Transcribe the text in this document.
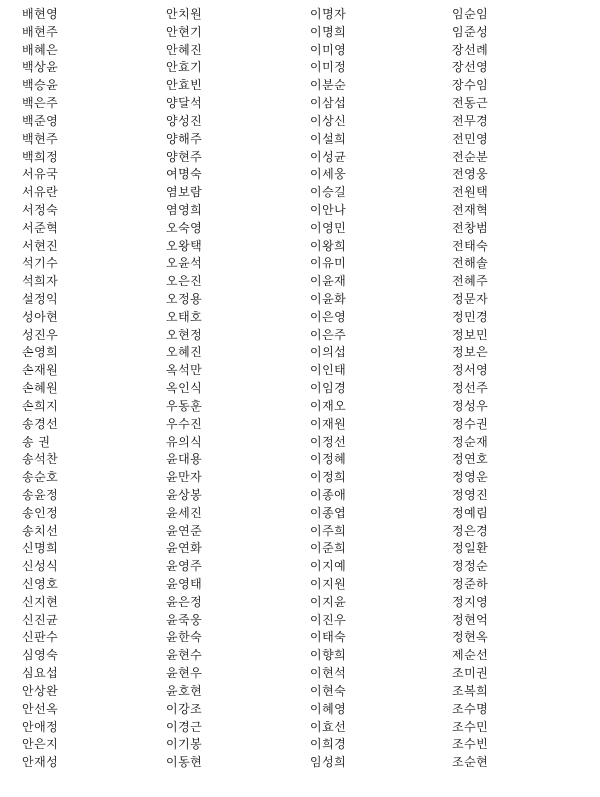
배현영	안치원	이명자	임순임
배현주	안현기	이명희	임준성
배혜은	안혜진	이미영	장선례
백상윤	안효기	이미정	장선영
백승윤	안효빈	이분순	장수임
백은주	양달석	이삼섭	전동근
백준영	양성진	이상신	전무경
백현주	양해주	이설희	전민영
백희정	양현주	이성균	전순분
서유국	여명숙	이세웅	전영웅
서유란	염보람	이승길	전원택
서정숙	염영희	이안나	전재혁
서준혁	오숙영	이영민	전창범
서현진	오왕택	이왕희	전태숙
석기수	오윤석	이유미	전해솔
석희자	오은진	이윤재	전혜주
설정익	오정용	이윤화	정문자
성아현	오태호	이은영	정민경
성진우	오현정	이은주	정보민
손영희	오혜진	이의섭	정보은
손재원	옥석만	이인태	정서영
손혜원	옥인식	이임경	정선주
손희지	우동훈	이재오	정성우
송경선	우수진	이재원	정수권
송 권	유의식	이정선	정순재
송석찬	윤대용	이정혜	정연호
송순호	윤만자	이정희	정영운
송윤정	윤상봉	이종애	정영진
송인정	윤세진	이종엽	정예림
송치선	윤연준	이주희	정은경
신명희	윤연화	이준희	정일환
신성식	윤영주	이지예	정정순
신영호	윤영태	이지원	정준하
신지현	윤은정	이지윤	정지영
신진균	윤죽웅	이진우	정현억
신판수	윤한숙	이태숙	정현옥
심영숙	윤현수	이향희	제순선
심요섭	윤현우	이현석	조미권
안상완	윤호현	이현숙	조복희
안선옥	이강조	이혜영	조수명
안애정	이경근	이효선	조수민
안은지	이기봉	이희경	조수빈
안재성	이동현	임성희	조순현
